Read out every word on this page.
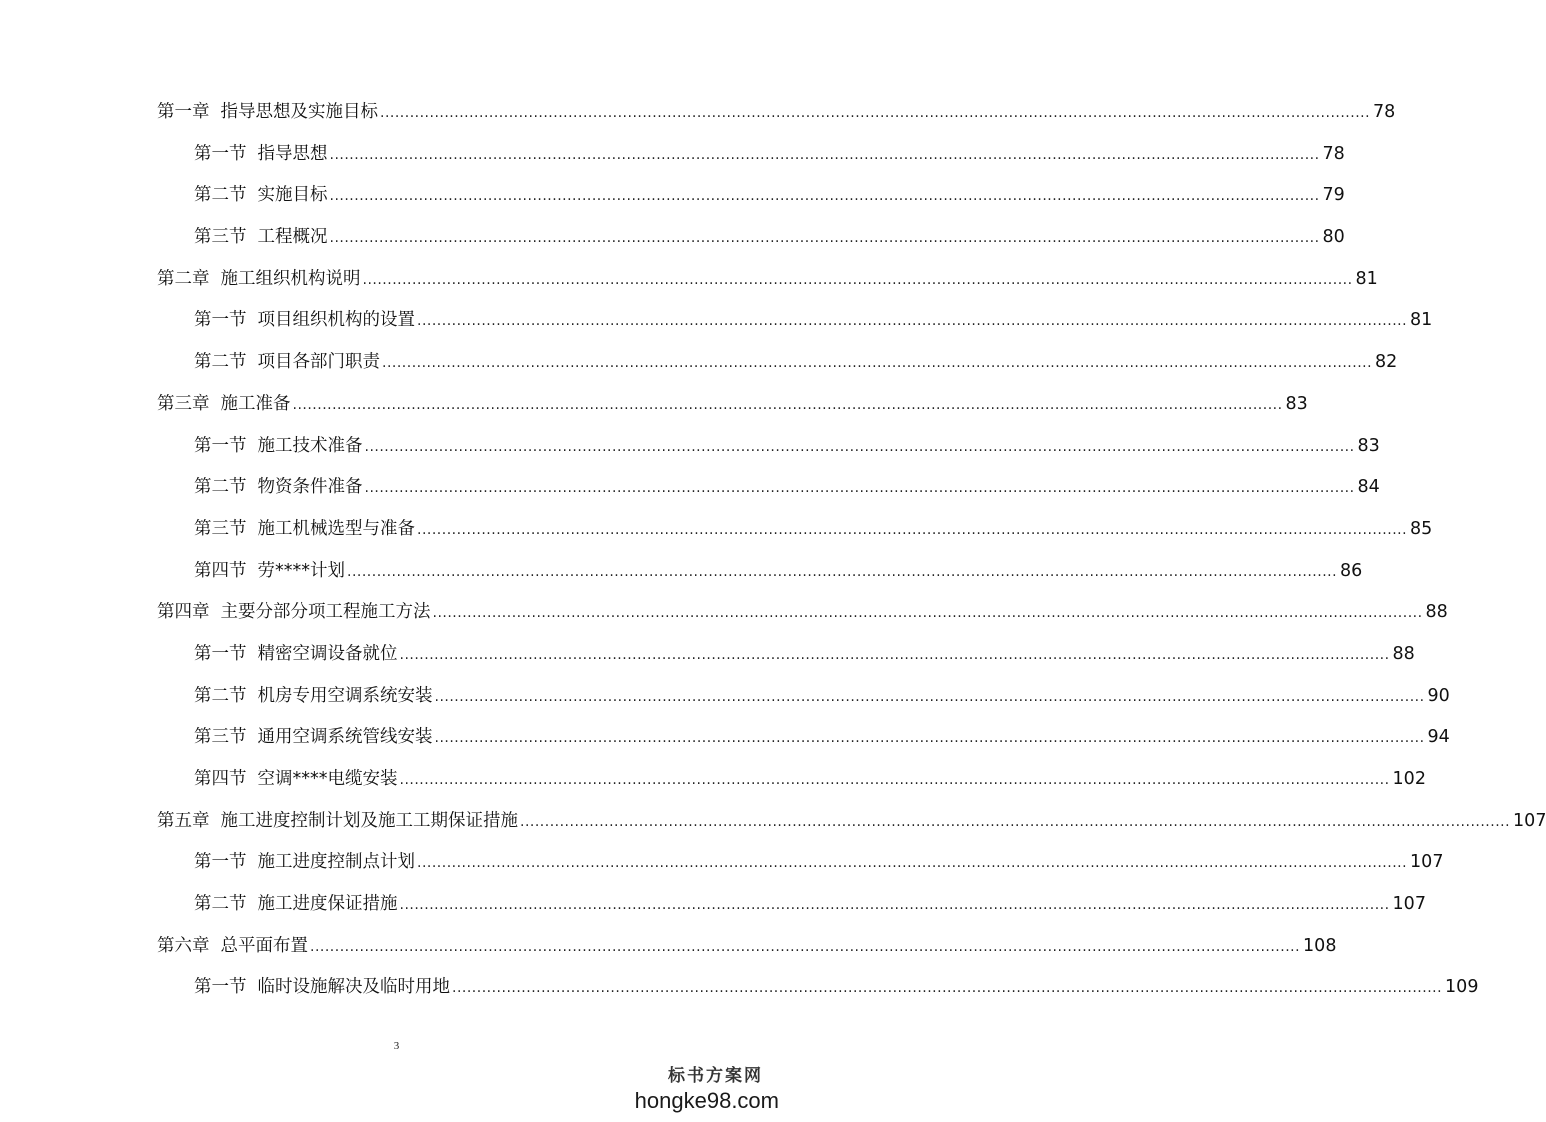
第一章 指导思想及实施目标 ........................................................................................................................................................................................................ 78
第一节 指导思想 ........................................................................................................................................................................................................ 78
第二节 实施目标 ........................................................................................................................................................................................................ 79
第三节 工程概况 ........................................................................................................................................................................................................ 80
第二章 施工组织机构说明 ........................................................................................................................................................................................................ 81
第一节 项目组织机构的设置 ........................................................................................................................................................................................................ 81
第二节 项目各部门职责 ........................................................................................................................................................................................................ 82
第三章 施工准备 ........................................................................................................................................................................................................ 83
第一节 施工技术准备 ........................................................................................................................................................................................................ 83
第二节 物资条件准备 ........................................................................................................................................................................................................ 84
第三节 施工机械选型与准备 ........................................................................................................................................................................................................ 85
第四节 劳****计划 ........................................................................................................................................................................................................ 86
第四章 主要分部分项工程施工方法 ........................................................................................................................................................................................................ 88
第一节 精密空调设备就位 ........................................................................................................................................................................................................ 88
第二节 机房专用空调系统安装 ........................................................................................................................................................................................................ 90
第三节 通用空调系统管线安装 ........................................................................................................................................................................................................ 94
第四节 空调****电缆安装 ........................................................................................................................................................................................................ 102
第五章 施工进度控制计划及施工工期保证措施 ........................................................................................................................................................................................................ 107
第一节 施工进度控制点计划 ........................................................................................................................................................................................................ 107
第二节 施工进度保证措施 ........................................................................................................................................................................................................ 107
第六章 总平面布置 ........................................................................................................................................................................................................ 108
第一节 临时设施解决及临时用地 ........................................................................................................................................................................................................ 109
3
标书方案网
hongke98.com
